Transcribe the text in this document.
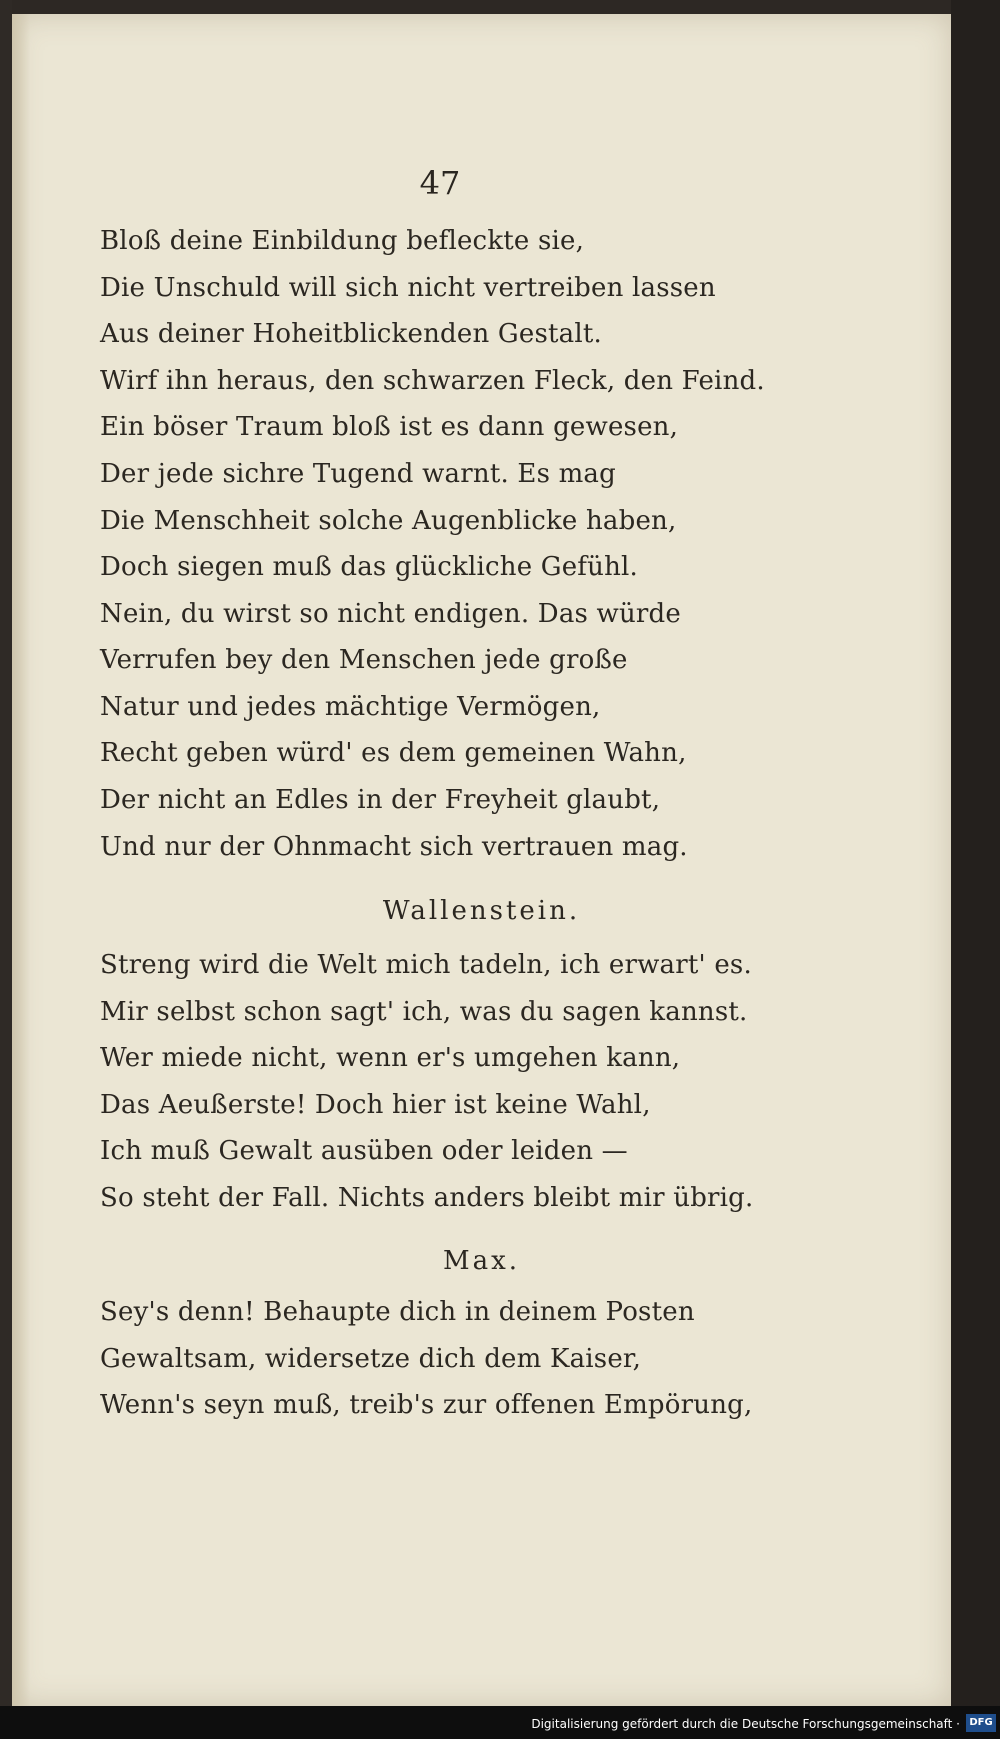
47
Bloß deine Einbildung befleckte sie,
Die Unschuld will sich nicht vertreiben lassen
Aus deiner Hoheitblickenden Gestalt.
Wirf ihn heraus, den schwarzen Fleck, den Feind.
Ein böser Traum bloß ist es dann gewesen,
Der jede sichre Tugend warnt. Es mag
Die Menschheit solche Augenblicke haben,
Doch siegen muß das glückliche Gefühl.
Nein, du wirst so nicht endigen. Das würde
Verrufen bey den Menschen jede große
Natur und jedes mächtige Vermögen,
Recht geben würd' es dem gemeinen Wahn,
Der nicht an Edles in der Freyheit glaubt,
Und nur der Ohnmacht sich vertrauen mag.
Wallenstein.
Streng wird die Welt mich tadeln, ich erwart' es.
Mir selbst schon sagt' ich, was du sagen kannst.
Wer miede nicht, wenn er's umgehen kann,
Das Aeußerste! Doch hier ist keine Wahl,
Ich muß Gewalt ausüben oder leiden —
So steht der Fall. Nichts anders bleibt mir übrig.
Max.
Sey's denn! Behaupte dich in deinem Posten
Gewaltsam, widersetze dich dem Kaiser,
Wenn's seyn muß, treib's zur offenen Empörung,
Digitalisierung gefördert durch die Deutsche Forschungsgemeinschaft · DFG
